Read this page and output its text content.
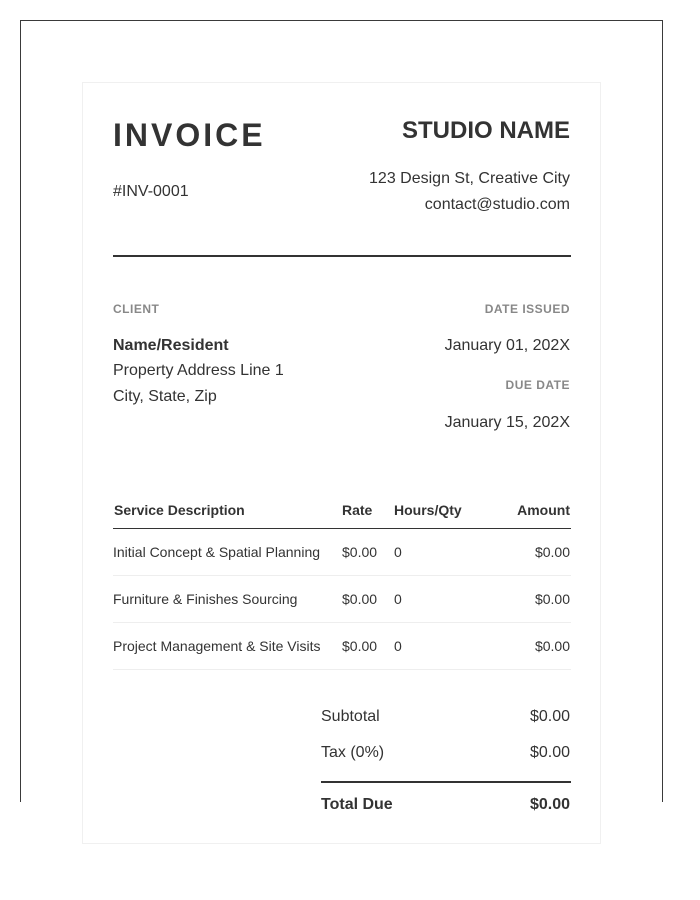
INVOICE
#INV-0001
STUDIO NAME
123 Design St, Creative City
contact@studio.com
CLIENT
Name/Resident
Property Address Line 1
City, State, Zip
DATE ISSUED
January 01, 202X
DUE DATE
January 15, 202X
Service Description	Rate Hours/Qty	Amount
Initial Concept & Spatial Planning $0.00 0	$0.00
Furniture & Finishes Sourcing	$0.00 0	$0.00
Project Management & Site Visits $0.00 0	$0.00
Subtotal	$0.00
Tax (0%)	$0.00
Total Due	$0.00
